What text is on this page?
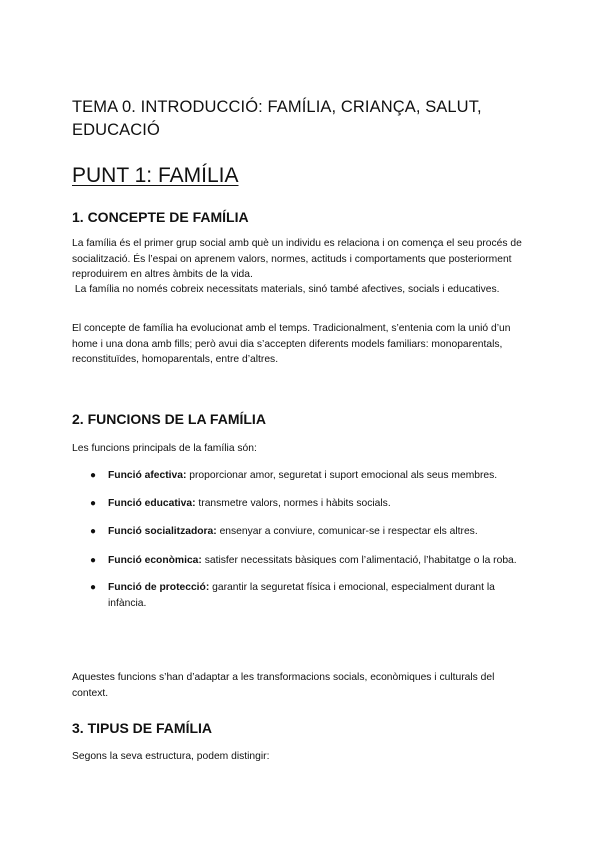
TEMA 0. INTRODUCCIÓ: FAMÍLIA, CRIANÇA, SALUT, EDUCACIÓ
PUNT 1: FAMÍLIA
1. CONCEPTE DE FAMÍLIA

La família és el primer grup social amb què un individu es relaciona i on comença el seu procés de socialització. És l’espai on aprenem valors, normes, actituds i comportaments que posteriorment reproduirem en altres àmbits de la vida.

La família no només cobreix necessitats materials, sinó també afectives, socials i educatives.

El concepte de família ha evolucionat amb el temps. Tradicionalment, s’entenia com la unió d’un home i una dona amb fills; però avui dia s’accepten diferents models familiars: monoparentals, reconstituïdes, homoparentals, entre d’altres.

2. FUNCIONS DE LA FAMÍLIA

Les funcions principals de la família són:

● Funció afectiva: proporcionar amor, seguretat i suport emocional als seus membres.
● Funció educativa: transmetre valors, normes i hàbits socials.
● Funció socialitzadora: ensenyar a conviure, comunicar-se i respectar els altres.
● Funció econòmica: satisfer necessitats bàsiques com l’alimentació, l’habitatge o la roba.
● Funció de protecció: garantir la seguretat física i emocional, especialment durant la infància.

Aquestes funcions s’han d’adaptar a les transformacions socials, econòmiques i culturals del context.

3. TIPUS DE FAMÍLIA

Segons la seva estructura, podem distingir:
